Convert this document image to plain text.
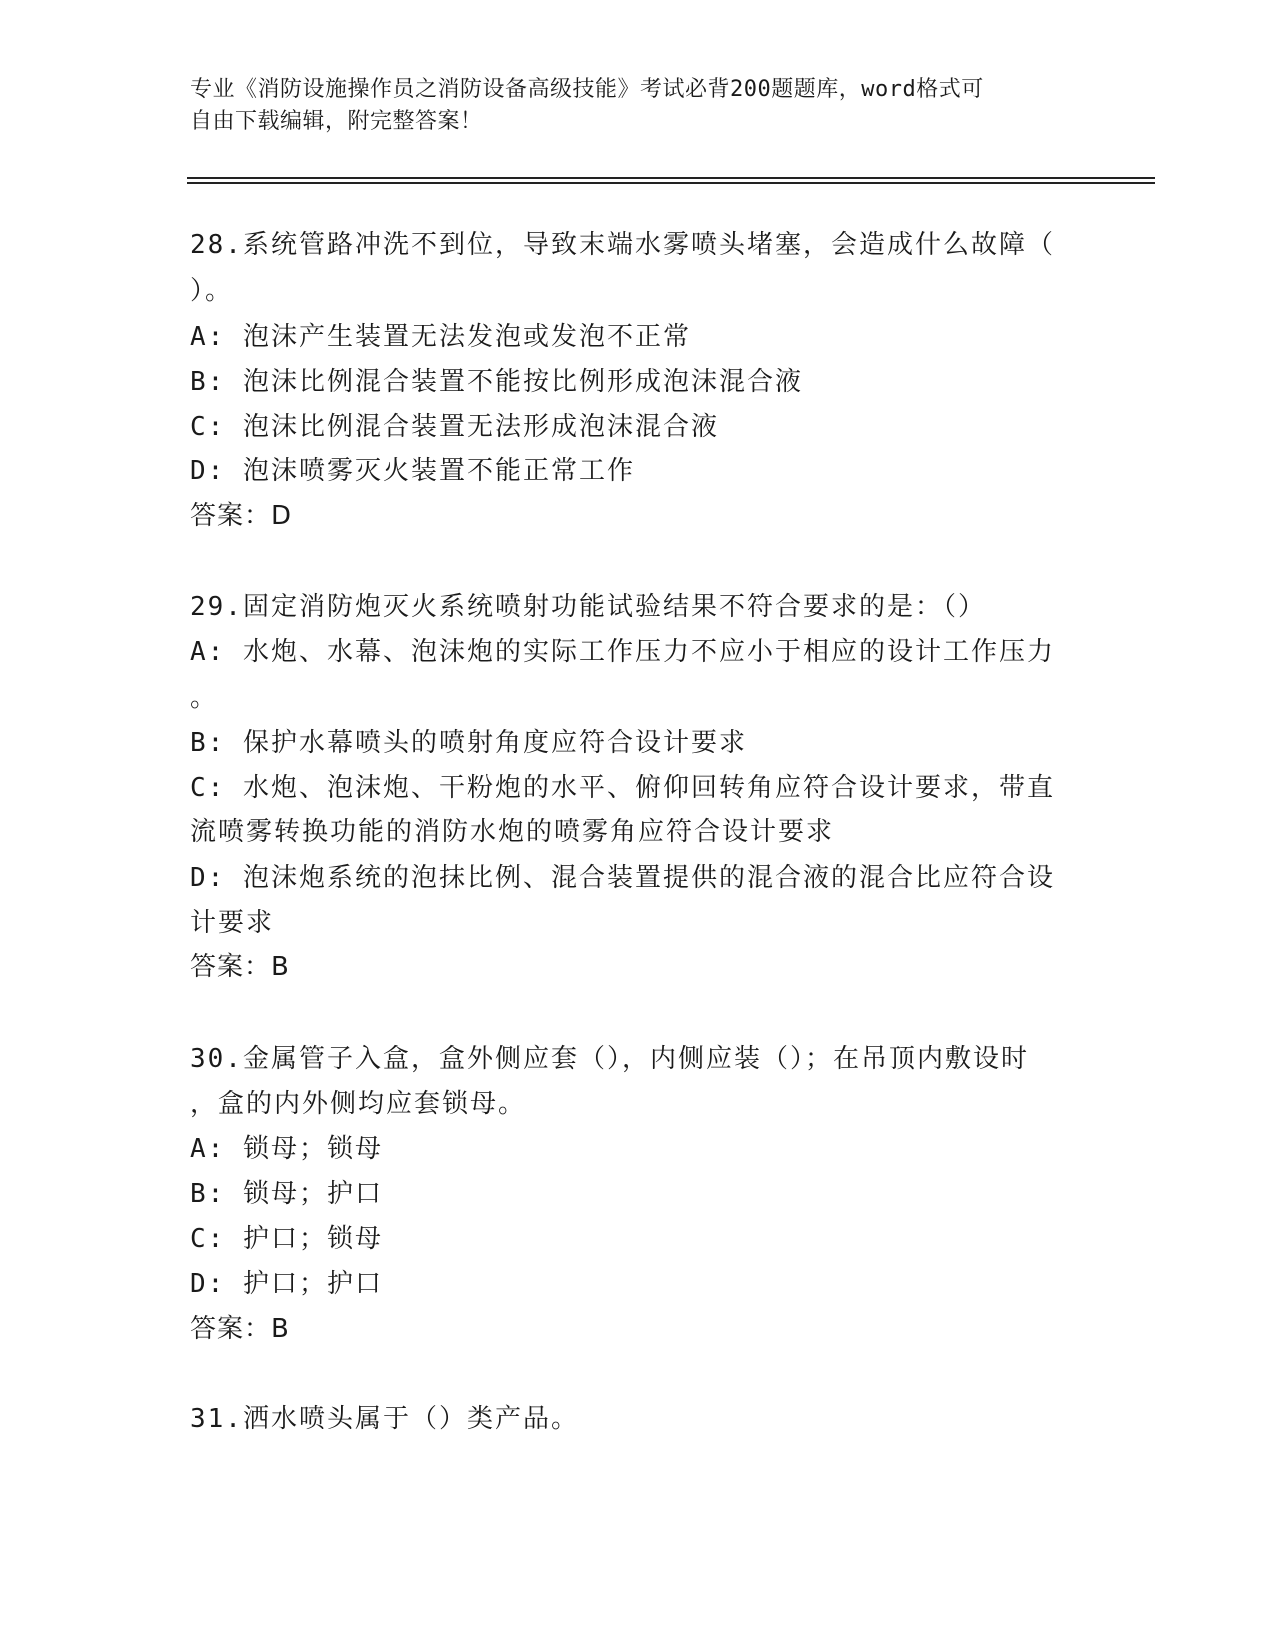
专业《消防设施操作员之消防设备高级技能》考试必背200题题库，word格式可
自由下载编辑，附完整答案！
28.系统管路冲洗不到位，导致末端水雾喷头堵塞，会造成什么故障（
）。
A: 泡沫产生装置无法发泡或发泡不正常
B: 泡沫比例混合装置不能按比例形成泡沫混合液
C: 泡沫比例混合装置无法形成泡沫混合液
D: 泡沫喷雾灭火装置不能正常工作
答案：D
29.固定消防炮灭火系统喷射功能试验结果不符合要求的是：（）
A: 水炮、水幕、泡沫炮的实际工作压力不应小于相应的设计工作压力
。
B: 保护水幕喷头的喷射角度应符合设计要求
C: 水炮、泡沫炮、干粉炮的水平、俯仰回转角应符合设计要求，带直
流喷雾转换功能的消防水炮的喷雾角应符合设计要求
D: 泡沫炮系统的泡抹比例、混合装置提供的混合液的混合比应符合设
计要求
答案：B
30.金属管子入盒，盒外侧应套（），内侧应装（）；在吊顶内敷设时
，盒的内外侧均应套锁母。
A: 锁母；锁母
B: 锁母；护口
C: 护口；锁母
D: 护口；护口
答案：B
31.洒水喷头属于（）类产品。
